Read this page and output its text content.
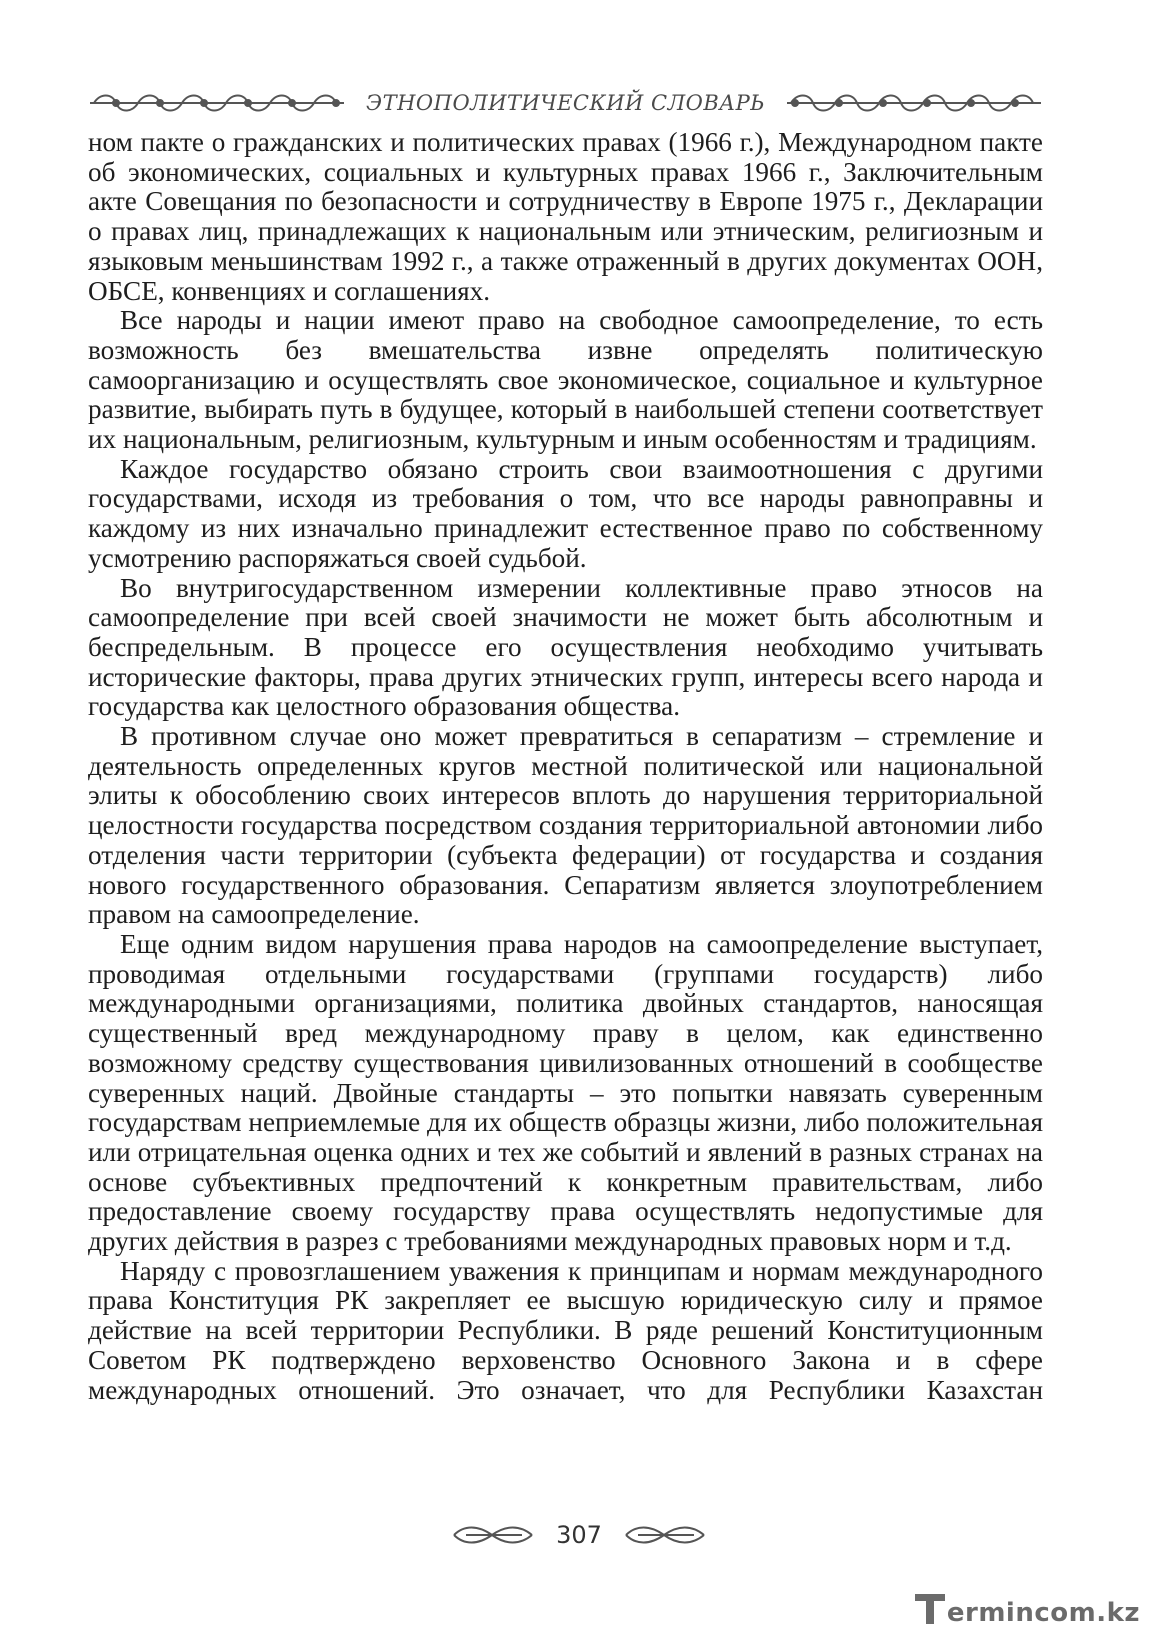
ЭТНОПОЛИТИЧЕСКИЙ СЛОВАРЬ

ном пакте о гражданских и политических правах (1966 г.), Международном пакте об экономических, социальных и культурных правах 1966 г., Заключительным акте Совещания по безопасности и сотрудничеству в Европе 1975 г., Декларации о правах лиц, принадлежащих к национальным или этническим, религиозным и языковым меньшинствам 1992 г., а также отраженный в других документах ООН, ОБСЕ, конвенциях и соглашениях.

Все народы и нации имеют право на свободное самоопределение, то есть возможность без вмешательства извне определять политическую самоорганизацию и осуществлять свое экономическое, социальное и культурное развитие, выбирать путь в будущее, который в наибольшей степени соответствует их национальным, религиозным, культурным и иным особенностям и традициям.

Каждое государство обязано строить свои взаимоотношения с другими государствами, исходя из требования о том, что все народы равноправны и каждому из них изначально принадлежит естественное право по собственному усмотрению распоряжаться своей судьбой.

Во внутригосударственном измерении коллективные право этносов на самоопределение при всей своей значимости не может быть абсолютным и беспредельным. В процессе его осуществления необходимо учитывать исторические факторы, права других этнических групп, интересы всего народа и государства как целостного образования общества.

В противном случае оно может превратиться в сепаратизм – стремление и деятельность определенных кругов местной политической или национальной элиты к обособлению своих интересов вплоть до нарушения территориальной целостности государства посредством создания территориальной автономии либо отделения части территории (субъекта федерации) от государства и создания нового государственного образования. Сепаратизм является злоупотреблением правом на самоопределение.

Еще одним видом нарушения права народов на самоопределение выступает, проводимая отдельными государствами (группами государств) либо международными организациями, политика двойных стандартов, наносящая существенный вред международному праву в целом, как единственно возможному средству существования цивилизованных отношений в сообществе суверенных наций. Двойные стандарты – это попытки навязать суверенным государствам неприемлемые для их обществ образцы жизни, либо положительная или отрицательная оценка одних и тех же событий и явлений в разных странах на основе субъективных предпочтений к конкретным правительствам, либо предоставление своему государству права осуществлять недопустимые для других действия в разрез с требованиями международных правовых норм и т.д.

Наряду с провозглашением уважения к принципам и нормам международного права Конституция РК закрепляет ее высшую юридическую силу и прямое действие на всей территории Республики. В ряде решений Конституционным Советом РК подтверждено верховенство Основного Закона и в сфере международных отношений. Это означает, что для Республики Казахстан

307
ermincom.kz
